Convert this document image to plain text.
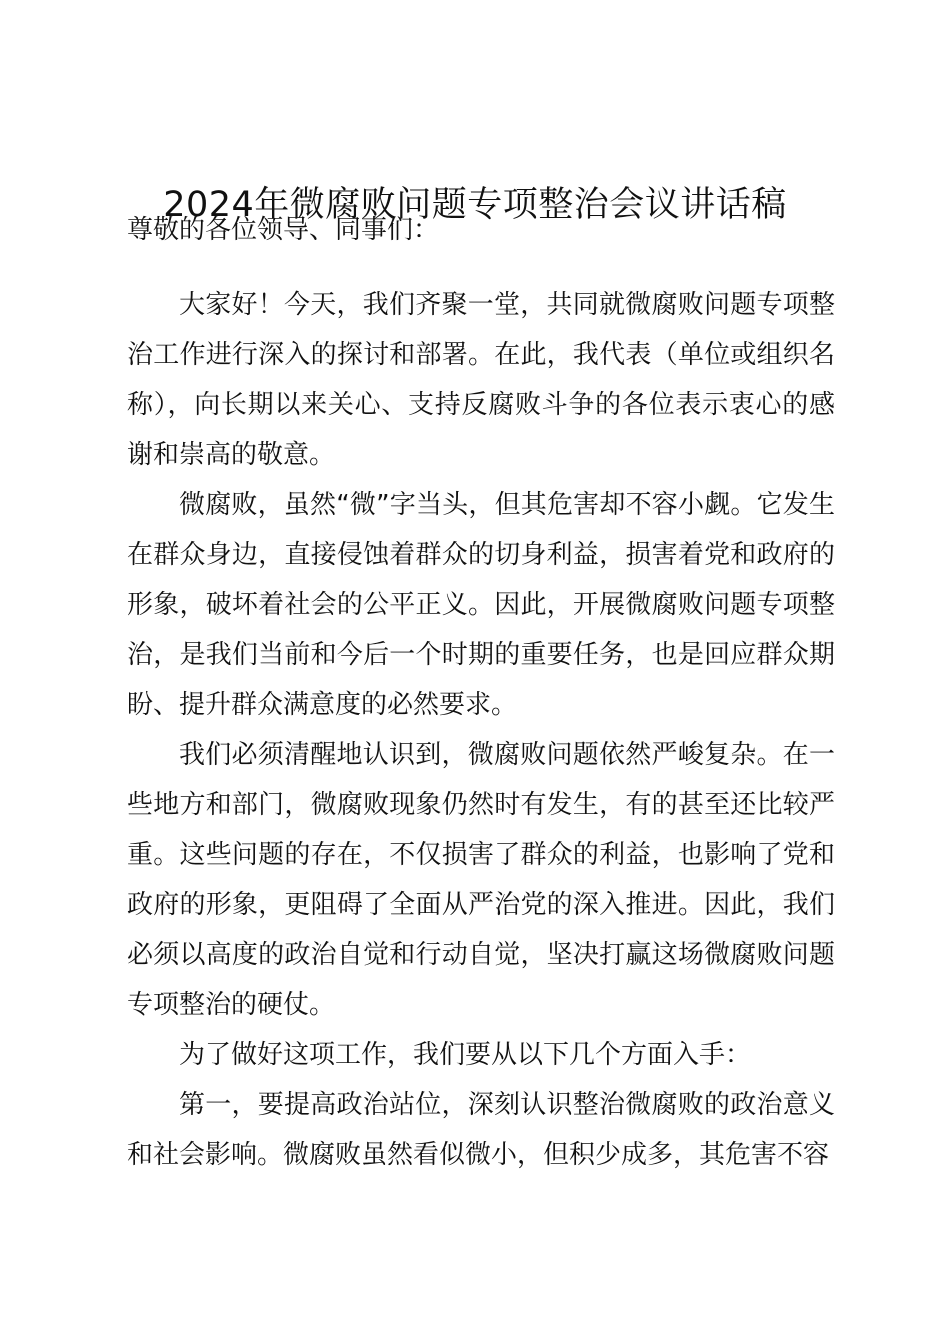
2024年微腐败问题专项整治会议讲话稿

尊敬的各位领导、同事们：

大家好！今天，我们齐聚一堂，共同就微腐败问题专项整治工作进行深入的探讨和部署。在此，我代表（单位或组织名称），向长期以来关心、支持反腐败斗争的各位表示衷心的感谢和崇高的敬意。

微腐败，虽然“微”字当头，但其危害却不容小觑。它发生在群众身边，直接侵蚀着群众的切身利益，损害着党和政府的形象，破坏着社会的公平正义。因此，开展微腐败问题专项整治，是我们当前和今后一个时期的重要任务，也是回应群众期盼、提升群众满意度的必然要求。

我们必须清醒地认识到，微腐败问题依然严峻复杂。在一些地方和部门，微腐败现象仍然时有发生，有的甚至还比较严重。这些问题的存在，不仅损害了群众的利益，也影响了党和政府的形象，更阻碍了全面从严治党的深入推进。因此，我们必须以高度的政治自觉和行动自觉，坚决打赢这场微腐败问题专项整治的硬仗。

为了做好这项工作，我们要从以下几个方面入手：

第一，要提高政治站位，深刻认识整治微腐败的政治意义和社会影响。微腐败虽然看似微小，但积少成多，其危害不容
